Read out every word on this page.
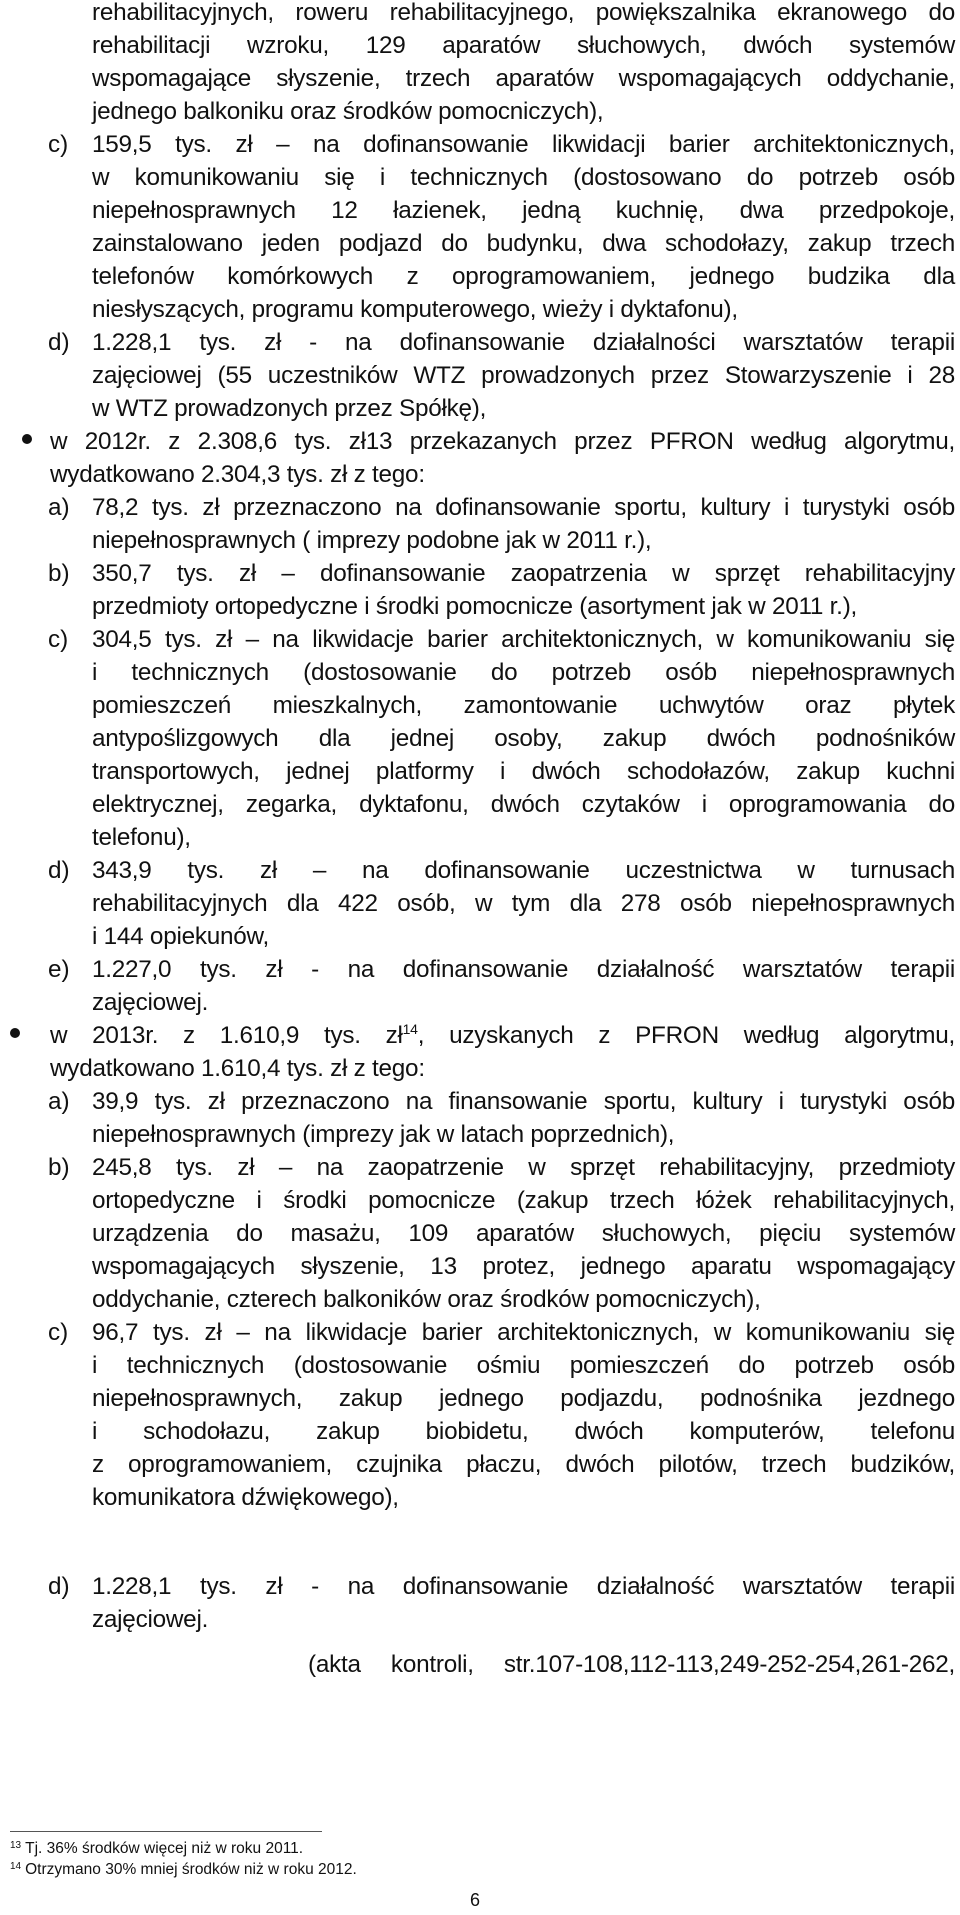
rehabilitacyjnych, roweru rehabilitacyjnego, powiększalnika ekranowego do
rehabilitacji wzroku, 129 aparatów słuchowych, dwóch systemów
wspomagające słyszenie, trzech aparatów wspomagających oddychanie,
jednego balkoniku oraz środków pomocniczych),
c) 159,5 tys. zł – na dofinansowanie likwidacji barier architektonicznych,
w komunikowaniu się i technicznych (dostosowano do potrzeb osób
niepełnosprawnych 12 łazienek, jedną kuchnię, dwa przedpokoje,
zainstalowano jeden podjazd do budynku, dwa schodołazy, zakup trzech
telefonów komórkowych z oprogramowaniem, jednego budzika dla
niesłyszących, programu komputerowego, wieży i dyktafonu),
d) 1.228,1 tys. zł - na dofinansowanie działalności warsztatów terapii
zajęciowej (55 uczestników WTZ prowadzonych przez Stowarzyszenie i 28
w WTZ prowadzonych przez Spółkę),
w 2012r. z 2.308,6 tys. zł13 przekazanych przez PFRON według algorytmu,
wydatkowano 2.304,3 tys. zł z tego:
a) 78,2 tys. zł przeznaczono na dofinansowanie sportu, kultury i turystyki osób
niepełnosprawnych ( imprezy podobne jak w 2011 r.),
b) 350,7 tys. zł – dofinansowanie zaopatrzenia w sprzęt rehabilitacyjny
przedmioty ortopedyczne i środki pomocnicze (asortyment jak w 2011 r.),
c) 304,5 tys. zł – na likwidacje barier architektonicznych, w komunikowaniu się
i technicznych (dostosowanie do potrzeb osób niepełnosprawnych
pomieszczeń mieszkalnych, zamontowanie uchwytów oraz płytek
antypoślizgowych dla jednej osoby, zakup dwóch podnośników
transportowych, jednej platformy i dwóch schodołazów, zakup kuchni
elektrycznej, zegarka, dyktafonu, dwóch czytaków i oprogramowania do
telefonu),
d) 343,9 tys. zł – na dofinansowanie uczestnictwa w turnusach
rehabilitacyjnych dla 422 osób, w tym dla 278 osób niepełnosprawnych
i 144 opiekunów,
e) 1.227,0 tys. zł - na dofinansowanie działalność warsztatów terapii
zajęciowej.
w 2013r. z 1.610,9 tys. $zł^{14}$, uzyskanych z PFRON według algorytmu,
wydatkowano 1.610,4 tys. zł z tego:
a) 39,9 tys. zł przeznaczono na finansowanie sportu, kultury i turystyki osób
niepełnosprawnych (imprezy jak w latach poprzednich),
b) 245,8 tys. zł – na zaopatrzenie w sprzęt rehabilitacyjny, przedmioty
ortopedyczne i środki pomocnicze (zakup trzech łóżek rehabilitacyjnych,
urządzenia do masażu, 109 aparatów słuchowych, pięciu systemów
wspomagających słyszenie, 13 protez, jednego aparatu wspomagający
oddychanie, czterech balkoników oraz środków pomocniczych),
c) 96,7 tys. zł – na likwidacje barier architektonicznych, w komunikowaniu się
i technicznych (dostosowanie ośmiu pomieszczeń do potrzeb osób
niepełnosprawnych, zakup jednego podjazdu, podnośnika jezdnego
i schodołazu, zakup biobidetu, dwóch komputerów, telefonu
z oprogramowaniem, czujnika płaczu, dwóch pilotów, trzech budzików,
komunikatora dźwiękowego),
d) 1.228,1 tys. zł - na dofinansowanie działalność warsztatów terapii
zajęciowej.
(akta kontroli, str.107-108,112-113,249-252-254,261-262,
$^{13}$ Tj. 36% środków więcej niż w roku 2011.
$^{14}$ Otrzymano 30% mniej środków niż w roku 2012.
6
